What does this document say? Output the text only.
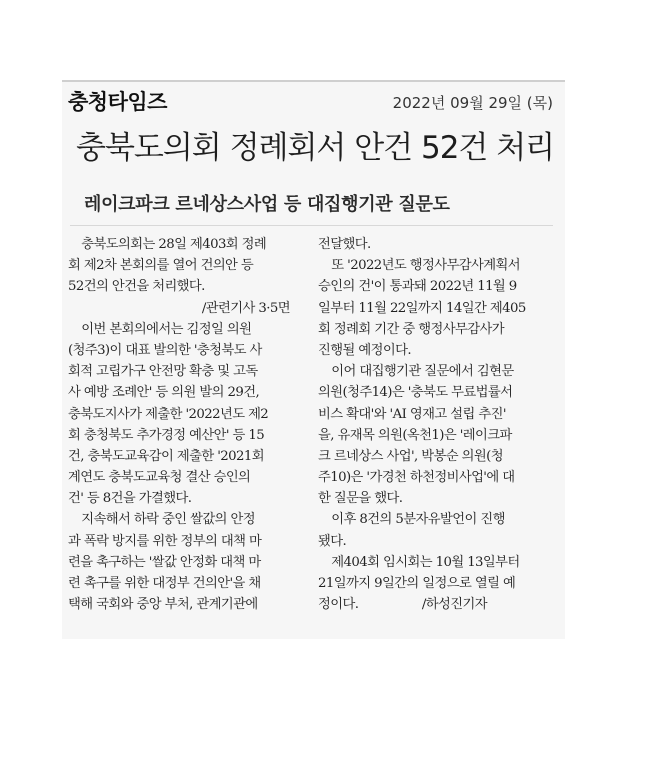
충청타임즈	2022년 09월 29일 (목)
충북도의회 정례회서 안건 52건 처리
레이크파크 르네상스사업 등 대집행기관 질문도
충북도의회는 28일 제403회 정례
회 제2차 본회의를 열어 건의안 등
52건의 안건을 처리했다.
/관련기사 3·5면
이번 본회의에서는 김정일 의원
(청주3)이 대표 발의한 '충청북도 사
회적 고립가구 안전망 확충 및 고독
사 예방 조례안' 등 의원 발의 29건,
충북도지사가 제출한 '2022년도 제2
회 충청북도 추가경정 예산안' 등 15
건, 충북도교육감이 제출한 '2021회
계연도 충북도교육청 결산 승인의
건' 등 8건을 가결했다.
지속해서 하락 중인 쌀값의 안정
과 폭락 방지를 위한 정부의 대책 마
련을 촉구하는 '쌀값 안정화 대책 마
련 촉구를 위한 대정부 건의안'을 채
택해 국회와 중앙 부처, 관계기관에
전달했다.
또 '2022년도 행정사무감사계획서
승인의 건'이 통과돼 2022년 11월 9
일부터 11월 22일까지 14일간 제405
회 정례회 기간 중 행정사무감사가
진행될 예정이다.
이어 대집행기관 질문에서 김현문
의원(청주14)은 '충북도 무료법률서
비스 확대'와 'AI 영재고 설립 추진'
을, 유재목 의원(옥천1)은 '레이크파
크 르네상스 사업', 박봉순 의원(청
주10)은 '가경천 하천정비사업'에 대
한 질문을 했다.
이후 8건의 5분자유발언이 진행
됐다.
제404회 임시회는 10월 13일부터
21일까지 9일간의 일정으로 열릴 예
정이다.　　　　　/하성진기자
